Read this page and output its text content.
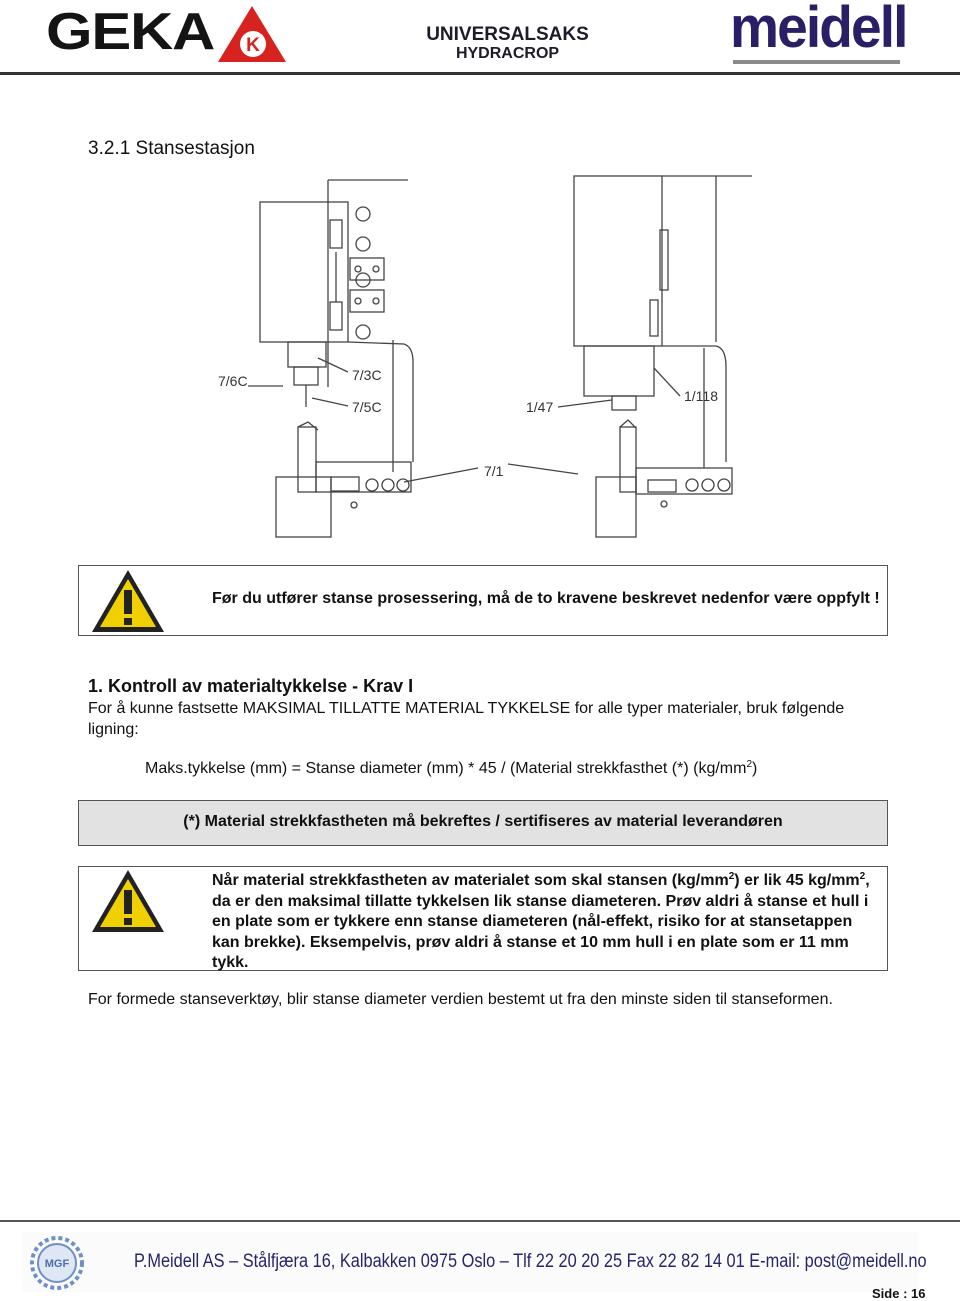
GEKA K
UNIVERSALSAKS
HYDRACROP	meidell
3.2.1 Stansestasjon
7/6C	7/3C
7/5C	1/47
1/118
7/1
Før du utfører stanse prosessering, må de to kravene beskrevet nedenfor være oppfylt !
1. Kontroll av materialtykkelse - Krav I
For å kunne fastsette MAKSIMAL TILLATTE MATERIAL TYKKELSE for alle typer materialer, bruk følgende ligning:
Maks.tykkelse (mm) = Stanse diameter (mm) * 45 / (Material strekkfasthet (*) $(kg/mm^2)$
(*) Material strekkfastheten må bekreftes / sertifiseres av material leverandøren
Når material strekkfastheten av materialet som skal stansen $(kg/mm^2)$ er lik 45 $kg/mm^2$, da er den maksimal tillatte tykkelsen lik stanse diameteren. Prøv aldri å stanse et hull i en plate som er tykkere enn stanse diameteren (nål-effekt, risiko for at stansetappen kan brekke). Eksempelvis, prøv aldri å stanse et 10 mm hull i en plate som er 11 mm tykk.
For formede stanseverktøy, blir stanse diameter verdien bestemt ut fra den minste siden til stanseformen.
MGF	P.Meidell AS – Stålfjæra 16, Kalbakken 0975 Oslo – Tlf 22 20 20 25 Fax 22 82 14 01 E-mail: post@meidell.no
Side : 16
